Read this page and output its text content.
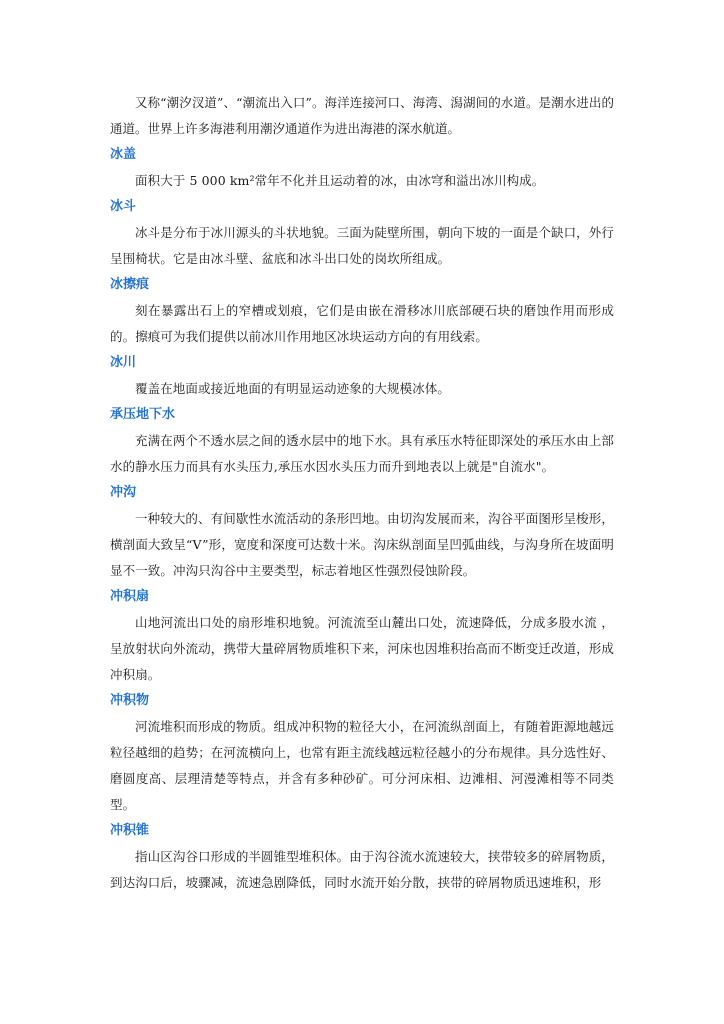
又称“潮汐汊道”、“潮流出入口”。海洋连接河口、海湾、潟湖间的水道。是潮水进出的通道。世界上许多海港利用潮汐通道作为进出海港的深水航道。

冰盖

面积大于 5 000 km²常年不化并且运动着的冰，由冰穹和溢出冰川构成。

冰斗

冰斗是分布于冰川源头的斗状地貌。三面为陡壁所围，朝向下坡的一面是个缺口，外行呈围椅状。它是由冰斗壁、盆底和冰斗出口处的岗坎所组成。

冰擦痕

刻在暴露出石上的窄槽或划痕，它们是由嵌在滑移冰川底部硬石块的磨蚀作用而形成的。擦痕可为我们提供以前冰川作用地区冰块运动方向的有用线索。

冰川

覆盖在地面或接近地面的有明显运动迹象的大规模冰体。

承压地下水

充满在两个不透水层之间的透水层中的地下水。具有承压水特征即深处的承压水由上部水的静水压力而具有水头压力,承压水因水头压力而升到地表以上就是"自流水"。

冲沟

一种较大的、有间歇性水流活动的条形凹地。由切沟发展而来，沟谷平面图形呈梭形，横剖面大致呈“V”形，宽度和深度可达数十米。沟床纵剖面呈凹弧曲线，与沟身所在坡面明显不一致。冲沟只沟谷中主要类型，标志着地区性强烈侵蚀阶段。

冲积扇

山地河流出口处的扇形堆积地貌。河流流至山麓出口处，流速降低，分成多股水流 ，呈放射状向外流动，携带大量碎屑物质堆积下来，河床也因堆积抬高而不断变迁改道，形成冲积扇。

冲积物

河流堆积而形成的物质。组成冲积物的粒径大小，在河流纵剖面上，有随着距源地越远粒径越细的趋势；在河流横向上，也常有距主流线越远粒径越小的分布规律。具分选性好、磨圆度高、层理清楚等特点，并含有多种砂矿。可分河床相、边滩相、河漫滩相等不同类型。

冲积锥

指山区沟谷口形成的半圆锥型堆积体。由于沟谷流水流速较大，挟带较多的碎屑物质，到达沟口后，坡骤减，流速急剧降低，同时水流开始分散，挟带的碎屑物质迅速堆积，形
